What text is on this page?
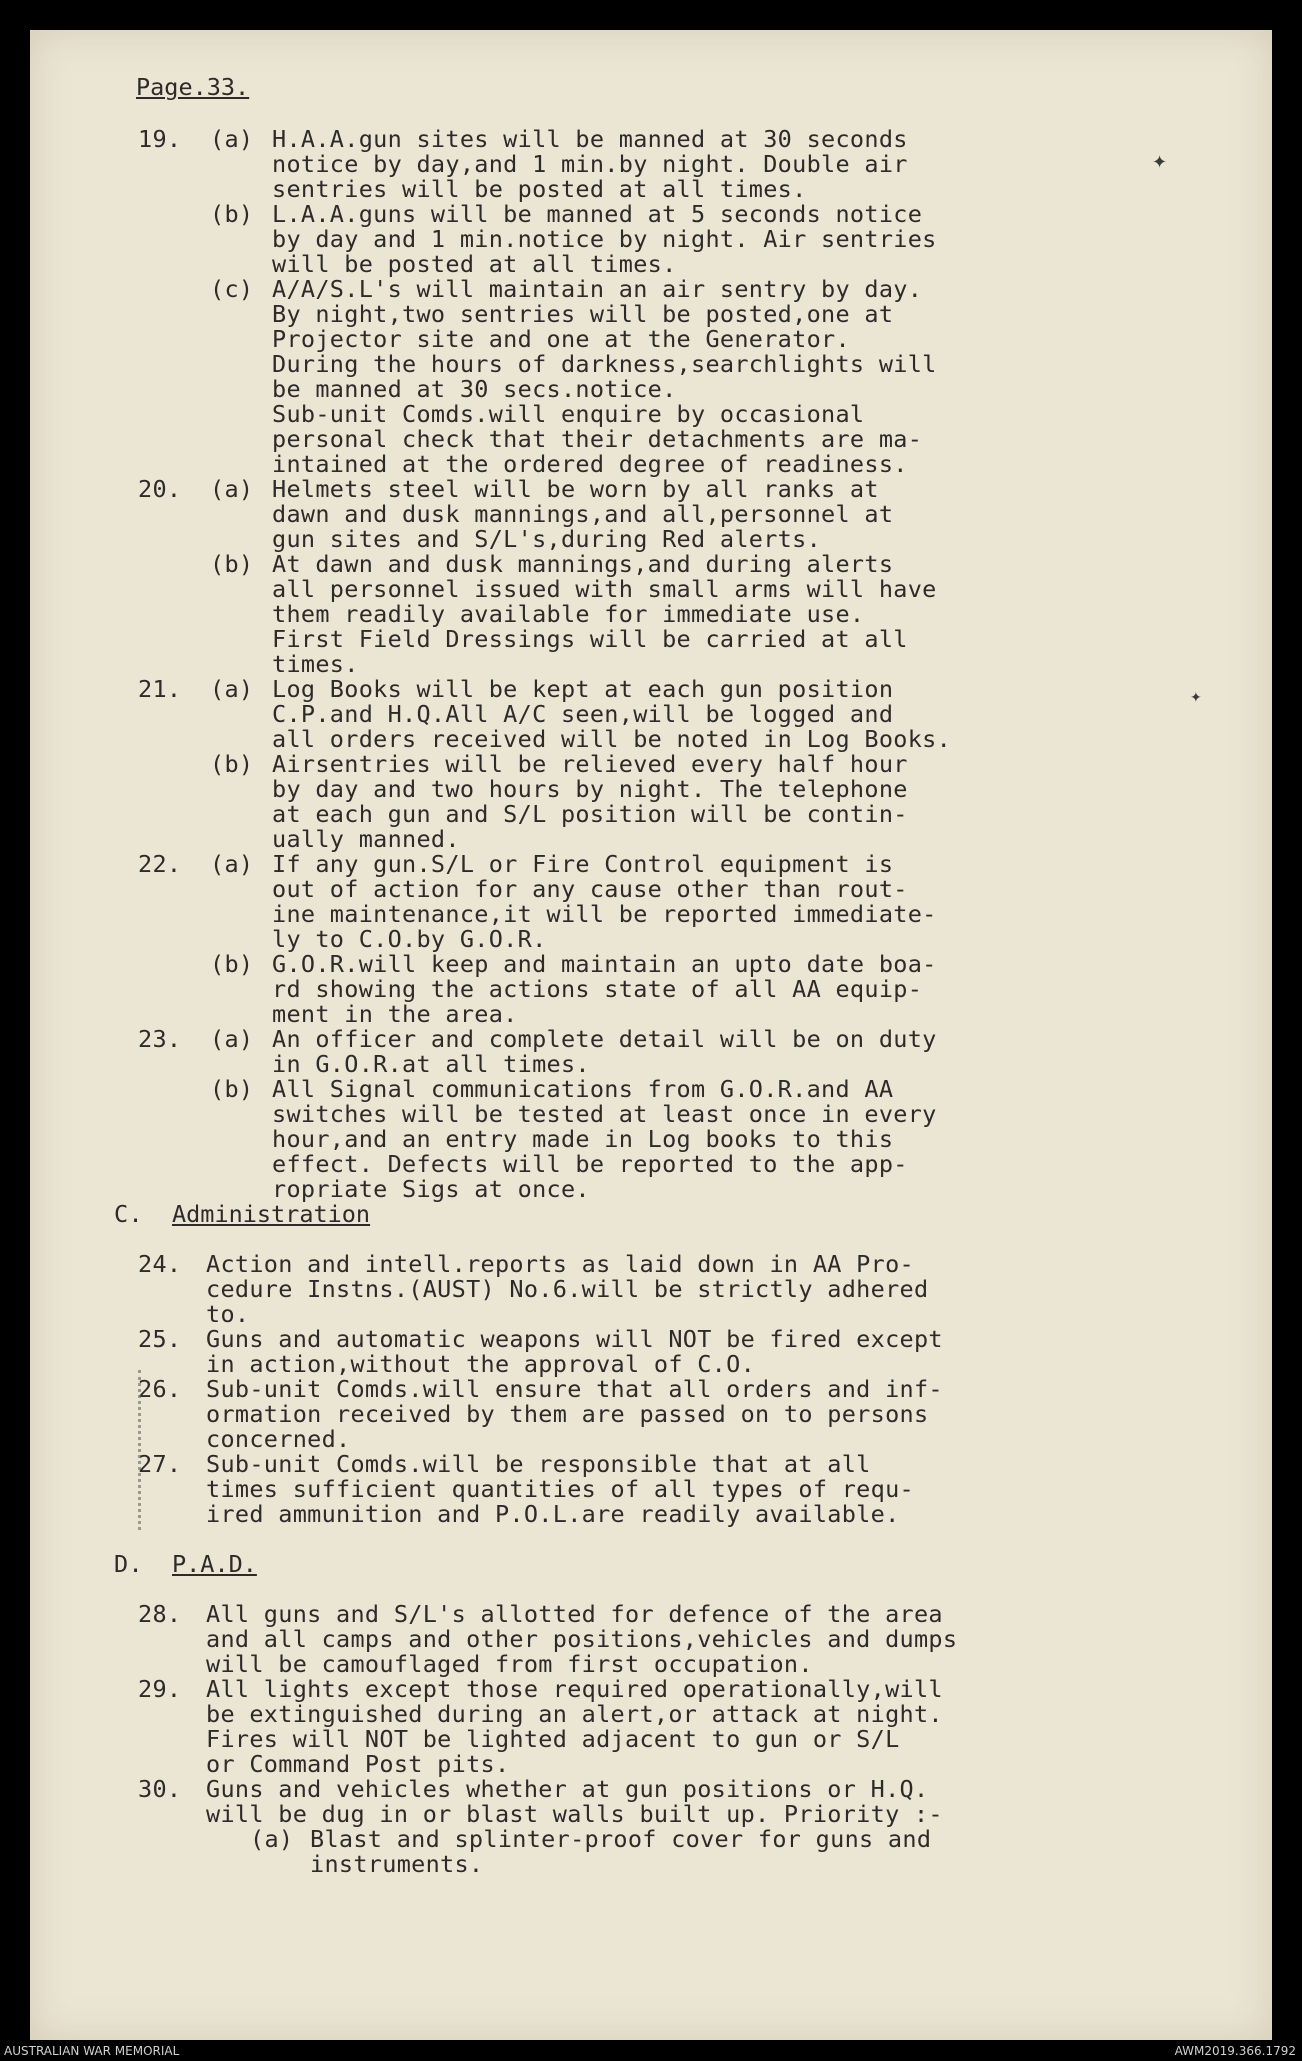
Page.33.
19. (a) H.A.A.gun sites will be manned at 30 seconds
notice by day,and 1 min.by night. Double air
sentries will be posted at all times.
(b) L.A.A.guns will be manned at 5 seconds notice
by day and 1 min.notice by night. Air sentries
will be posted at all times.
(c) A/A/S.L's will maintain an air sentry by day.
By night,two sentries will be posted,one at
Projector site and one at the Generator.
During the hours of darkness,searchlights will
be manned at 30 secs.notice.
Sub-unit Comds.will enquire by occasional
personal check that their detachments are ma-
intained at the ordered degree of readiness.
20. (a) Helmets steel will be worn by all ranks at
dawn and dusk mannings,and all,personnel at
gun sites and S/L's,during Red alerts.
(b) At dawn and dusk mannings,and during alerts
all personnel issued with small arms will have
them readily available for immediate use.
First Field Dressings will be carried at all
times.
21. (a) Log Books will be kept at each gun position
C.P.and H.Q.All A/C seen,will be logged and
all orders received will be noted in Log Books.
(b) Airsentries will be relieved every half hour
by day and two hours by night. The telephone
at each gun and S/L position will be contin-
ually manned.
22. (a) If any gun.S/L or Fire Control equipment is
out of action for any cause other than rout-
ine maintenance,it will be reported immediate-
ly to C.O.by G.O.R.
(b) G.O.R.will keep and maintain an upto date boa-
rd showing the actions state of all AA equip-
ment in the area.
23. (a) An officer and complete detail will be on duty
in G.O.R.at all times.
(b) All Signal communications from G.O.R.and AA
switches will be tested at least once in every
hour,and an entry made in Log books to this
effect. Defects will be reported to the app-
ropriate Sigs at once.
C. Administration
24. Action and intell.reports as laid down in AA Pro-
cedure Instns.(AUST) No.6.will be strictly adhered
to.
25. Guns and automatic weapons will NOT be fired except
in action,without the approval of C.O.
26. Sub-unit Comds.will ensure that all orders and inf-
ormation received by them are passed on to persons
concerned.
27. Sub-unit Comds.will be responsible that at all
times sufficient quantities of all types of requ-
ired ammunition and P.O.L.are readily available.
D. P.A.D.
28. All guns and S/L's allotted for defence of the area
and all camps and other positions,vehicles and dumps
will be camouflaged from first occupation.
29. All lights except those required operationally,will
be extinguished during an alert,or attack at night.
Fires will NOT be lighted adjacent to gun or S/L
or Command Post pits.
30. Guns and vehicles whether at gun positions or H.Q.
will be dug in or blast walls built up. Priority :-
(a) Blast and splinter-proof cover for guns and
instruments.
✦
✦
AUSTRALIAN WAR MEMORIAL	AWM2019.366.1792
